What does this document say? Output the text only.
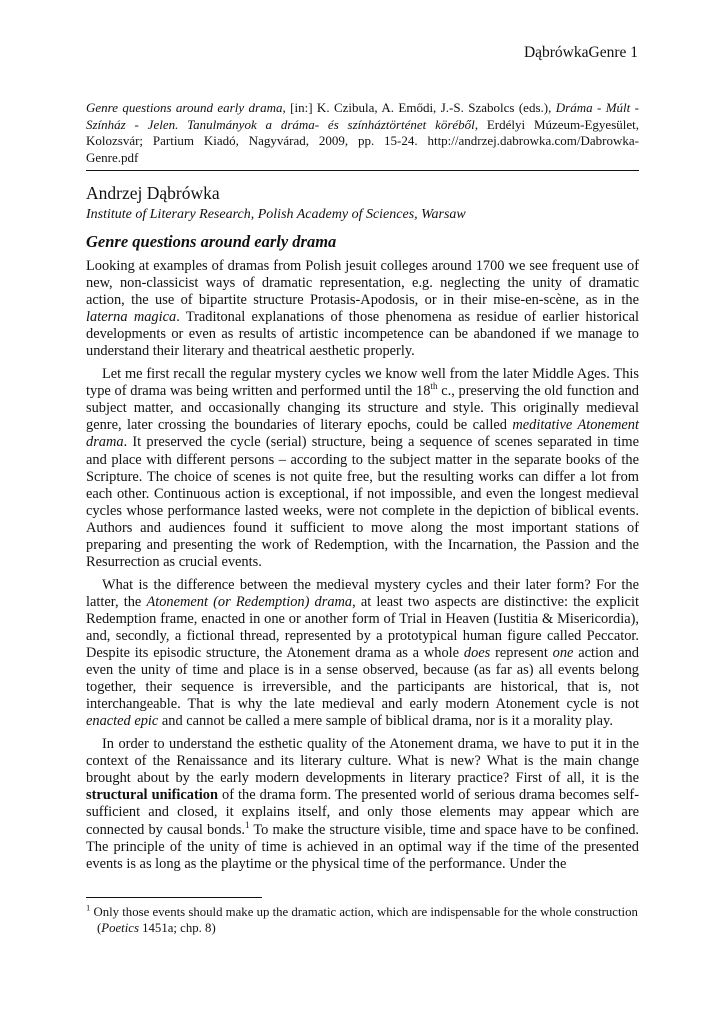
DąbrówkaGenre 1
Genre questions around early drama, [in:] K. Czibula, A. Emődi, J.-S. Szabolcs (eds.), Dráma - Múlt - Színház - Jelen. Tanulmányok a dráma- és színháztörténet köréből, Erdélyi Múzeum-Egyesület, Kolozsvár; Partium Kiadó, Nagyvárad, 2009, pp. 15-24. http://andrzej.dabrowka.com/Dabrowka-Genre.pdf
Andrzej Dąbrówka
Institute of Literary Research, Polish Academy of Sciences, Warsaw
Genre questions around early drama

Looking at examples of dramas from Polish jesuit colleges around 1700 we see frequent use of new, non-classicist ways of dramatic representation, e.g. neglecting the unity of dramatic action, the use of bipartite structure Protasis-Apodosis, or in their mise-en-scène, as in the laterna magica. Traditonal explanations of those phenomena as residue of earlier historical developments or even as results of artistic incompetence can be abandoned if we manage to understand their literary and theatrical aesthetic properly.

Let me first recall the regular mystery cycles we know well from the later Middle Ages. This type of drama was being written and performed until the 18th c., preserving the old function and subject matter, and occasionally changing its structure and style. This originally medieval genre, later crossing the boundaries of literary epochs, could be called meditative Atonement drama. It preserved the cycle (serial) structure, being a sequence of scenes separated in time and place with different persons – according to the subject matter in the separate books of the Scripture. The choice of scenes is not quite free, but the resulting works can differ a lot from each other. Continuous action is exceptional, if not impossible, and even the longest medieval cycles whose performance lasted weeks, were not complete in the depiction of biblical events. Authors and audiences found it sufficient to move along the most important stations of preparing and presenting the work of Redemption, with the Incarnation, the Passion and the Resurrection as crucial events.

What is the difference between the medieval mystery cycles and their later form? For the latter, the Atonement (or Redemption) drama, at least two aspects are distinctive: the explicit Redemption frame, enacted in one or another form of Trial in Heaven (Iustitia & Misericordia), and, secondly, a fictional thread, represented by a prototypical human figure called Peccator. Despite its episodic structure, the Atonement drama as a whole does represent one action and even the unity of time and place is in a sense observed, because (as far as) all events belong together, their sequence is irreversible, and the participants are historical, that is, not interchangeable. That is why the late medieval and early modern Atonement cycle is not enacted epic and cannot be called a mere sample of biblical drama, nor is it a morality play.

In order to understand the esthetic quality of the Atonement drama, we have to put it in the context of the Renaissance and its literary culture. What is new? What is the main change brought about by the early modern developments in literary practice? First of all, it is the structural unification of the drama form. The presented world of serious drama becomes self-sufficient and closed, it explains itself, and only those elements may appear which are connected by causal bonds.$^1$ To make the structure visible, time and space have to be confined. The principle of the unity of time is achieved in an optimal way if the time of the presented events is as long as the playtime or the physical time of the performance. Under the

$^1$ Only those events should make up the dramatic action, which are indispensable for the whole construction (Poetics 1451a; chp. 8)
